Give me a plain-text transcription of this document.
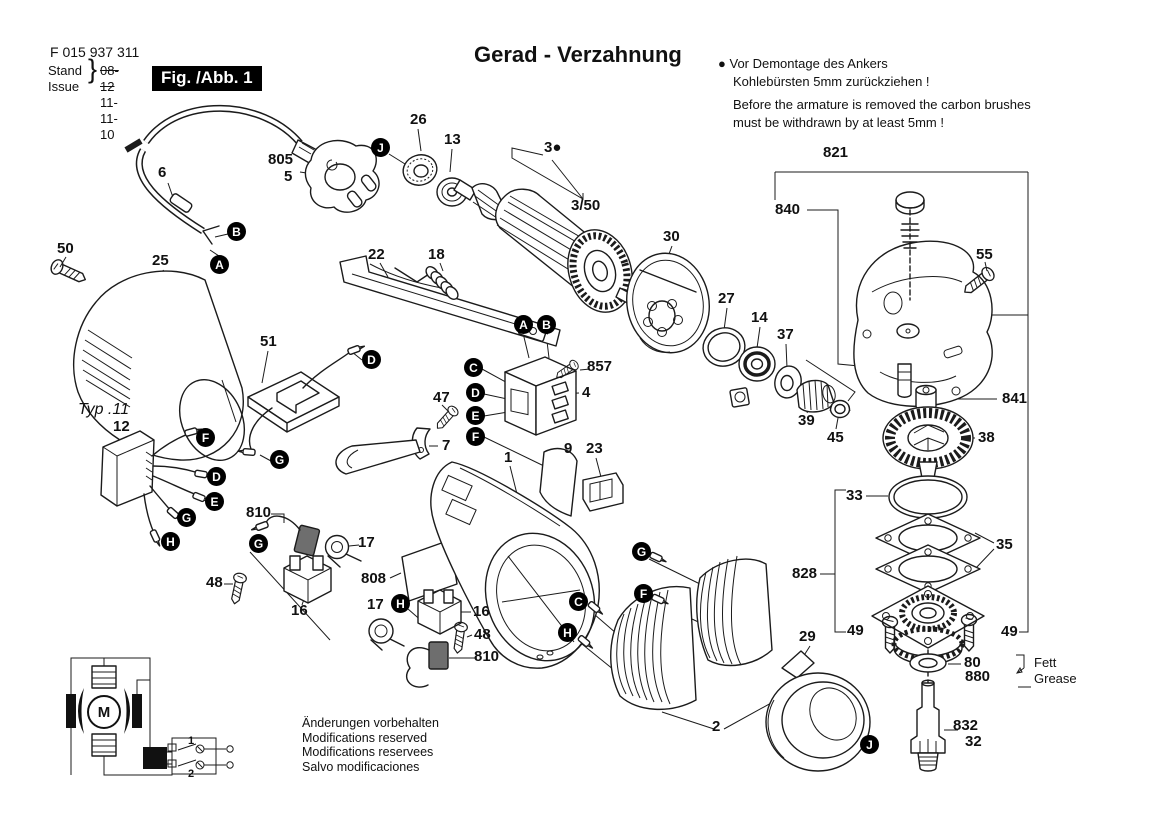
F 015 937 311
Stand
Issue
} 08-12
11-11-10
Fig. /Abb. 1
Gerad - Verzahnung	● Vor Demontage des Ankers
Kohlebürsten 5mm zurückziehen !
Before the armature is removed the carbon brushes
must be withdrawn by at least 5mm !
26
13	3●
3/50
805
5
6
50
25	22	18
30
27
14
37
821
840
55
841
857
4
51
47
7
39
45	38
12
9 23
1
33
35
810
17
48
16
808
17	16
48
810
828
49	49
29
80
880
832
32
2
Typ .11
Fett
Grease
J
B
A
A	B
C
D
E
F
D
G
F
D
E
G
H	G
H
G
F
C
H
J
M
1
2
Änderungen vorbehalten
Modifications reserved
Modifications reservees
Salvo modificaciones
